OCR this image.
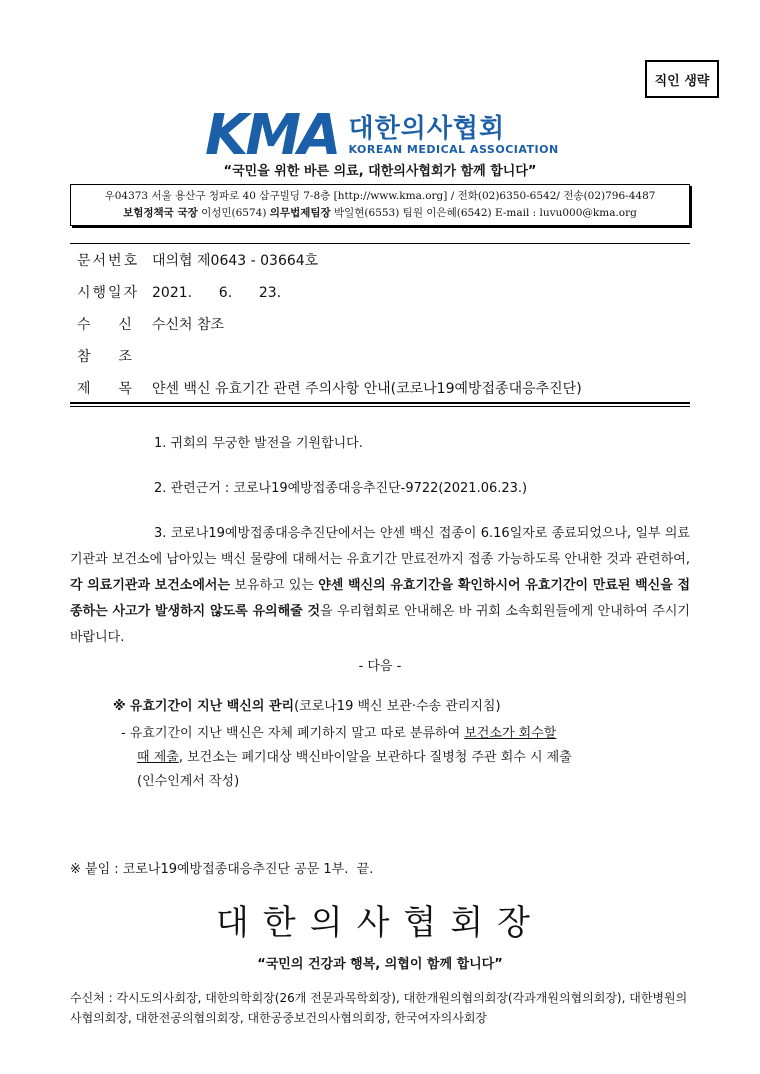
직인 생략
KMA 대한의사협회
KOREAN MEDICAL ASSOCIATION
“국민을 위한 바른 의료, 대한의사협회가 함께 합니다”
우04373 서울 용산구 청파로 40 삼구빌딩 7-8층 [http://www.kma.org] / 전화(02)6350-6542/ 전송(02)796-4487
보험정책국 국장 이성민(6574) 의무법제팀장 박일현(6553) 팀원 이은혜(6542) E-mail : luvu000@kma.org
문서번호 대의협 제0643 - 03664호
시행일자 2021.      6.      23.
수    신 수신처 참조
참    조
제    목 얀센 백신 유효기간 관련 주의사항 안내(코로나19예방접종대응추진단)
1. 귀회의 무궁한 발전을 기원합니다.
2. 관련근거 : 코로나19예방접종대응추진단-9722(2021.06.23.)
3. 코로나19예방접종대응추진단에서는 얀센 백신 접종이 6.16일자로 종료되었으나, 일부 의료기관과 보건소에 남아있는 백신 물량에 대해서는 유효기간 만료전까지 접종 가능하도록 안내한 것과 관련하여, 각 의료기관과 보건소에서는 보유하고 있는 얀센 백신의 유효기간을 확인하시어 유효기간이 만료된 백신을 접종하는 사고가 발생하지 않도록 유의해줄 것을 우리협회로 안내해온 바 귀회 소속회원들에게 안내하여 주시기 바랍니다.
- 다음 -
※ 유효기간이 지난 백신의 관리(코로나19 백신 보관·수송 관리지침)
- 유효기간이 지난 백신은 자체 폐기하지 말고 따로 분류하여 보건소가 회수할
때 제출, 보건소는 폐기대상 백신바이알을 보관하다 질병청 주관 회수 시 제출
(인수인계서 작성)
※ 붙임 : 코로나19예방접종대응추진단 공문 1부.  끝.
대한의사협회장
“국민의 건강과 행복, 의협이 함께 합니다”
수신처 : 각시도의사회장, 대한의학회장(26개 전문과목학회장), 대한개원의협의회장(각과개원의협의회장), 대한병원의사협의회장, 대한전공의협의회장, 대한공중보건의사협의회장, 한국여자의사회장
